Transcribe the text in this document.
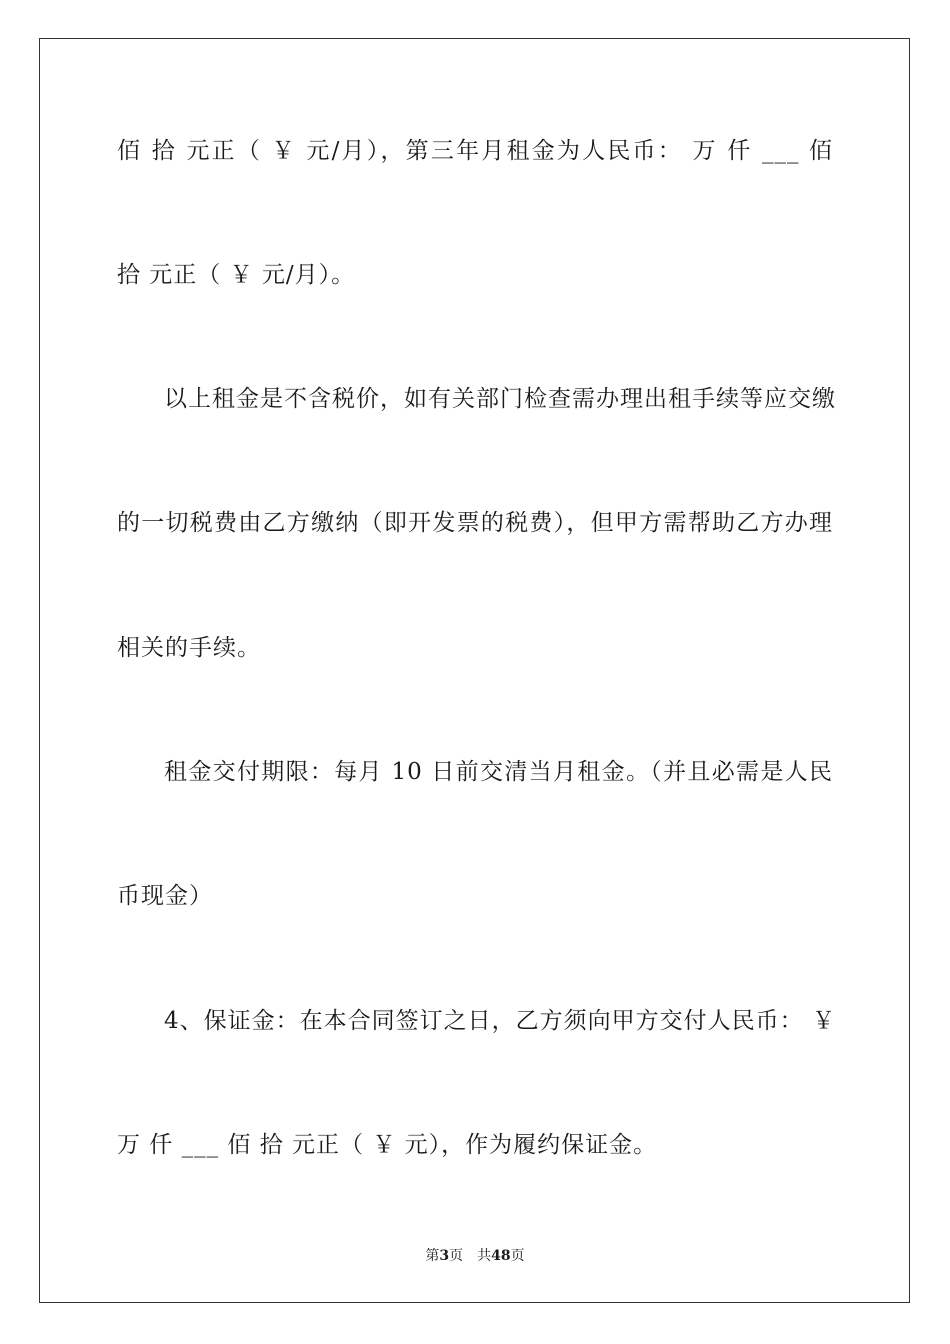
佰 拾 元正（ ￥ 元/月），第三年月租金为人民币： 万 仟 ___ 佰
拾 元正（ ￥ 元/月）。
以上租金是不含税价，如有关部门检查需办理出租手续等应交缴
的一切税费由乙方缴纳（即开发票的税费），但甲方需帮助乙方办理
相关的手续。
租金交付期限：每月 10 日前交清当月租金。（并且必需是人民
币现金）
4、保证金：在本合同签订之日，乙方须向甲方交付人民币： ￥
万 仟 ___ 佰 拾 元正（ ￥ 元），作为履约保证金。
第3页 共48页
